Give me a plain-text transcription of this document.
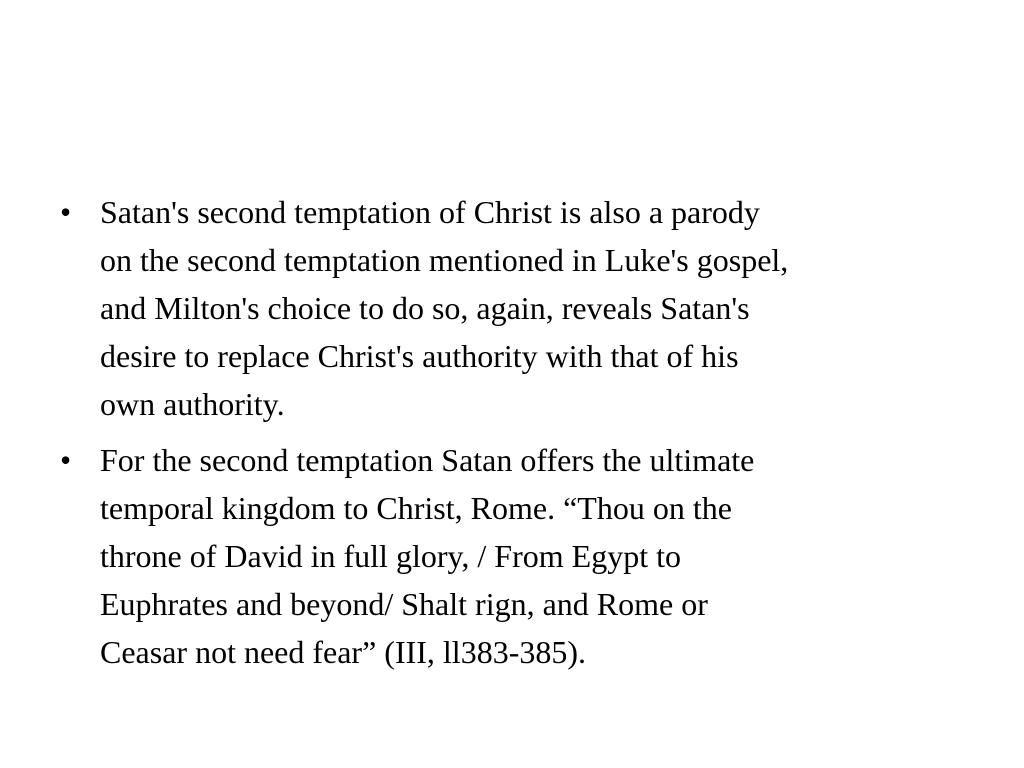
• Satan's second temptation of Christ is also a parody
on the second temptation mentioned in Luke's gospel,
and Milton's choice to do so, again, reveals Satan's
desire to replace Christ's authority with that of his
own authority.
• For the second temptation Satan offers the ultimate
temporal kingdom to Christ, Rome. “Thou on the
throne of David in full glory, / From Egypt to
Euphrates and beyond/ Shalt rign, and Rome or
Ceasar not need fear” (III, ll383-385).
